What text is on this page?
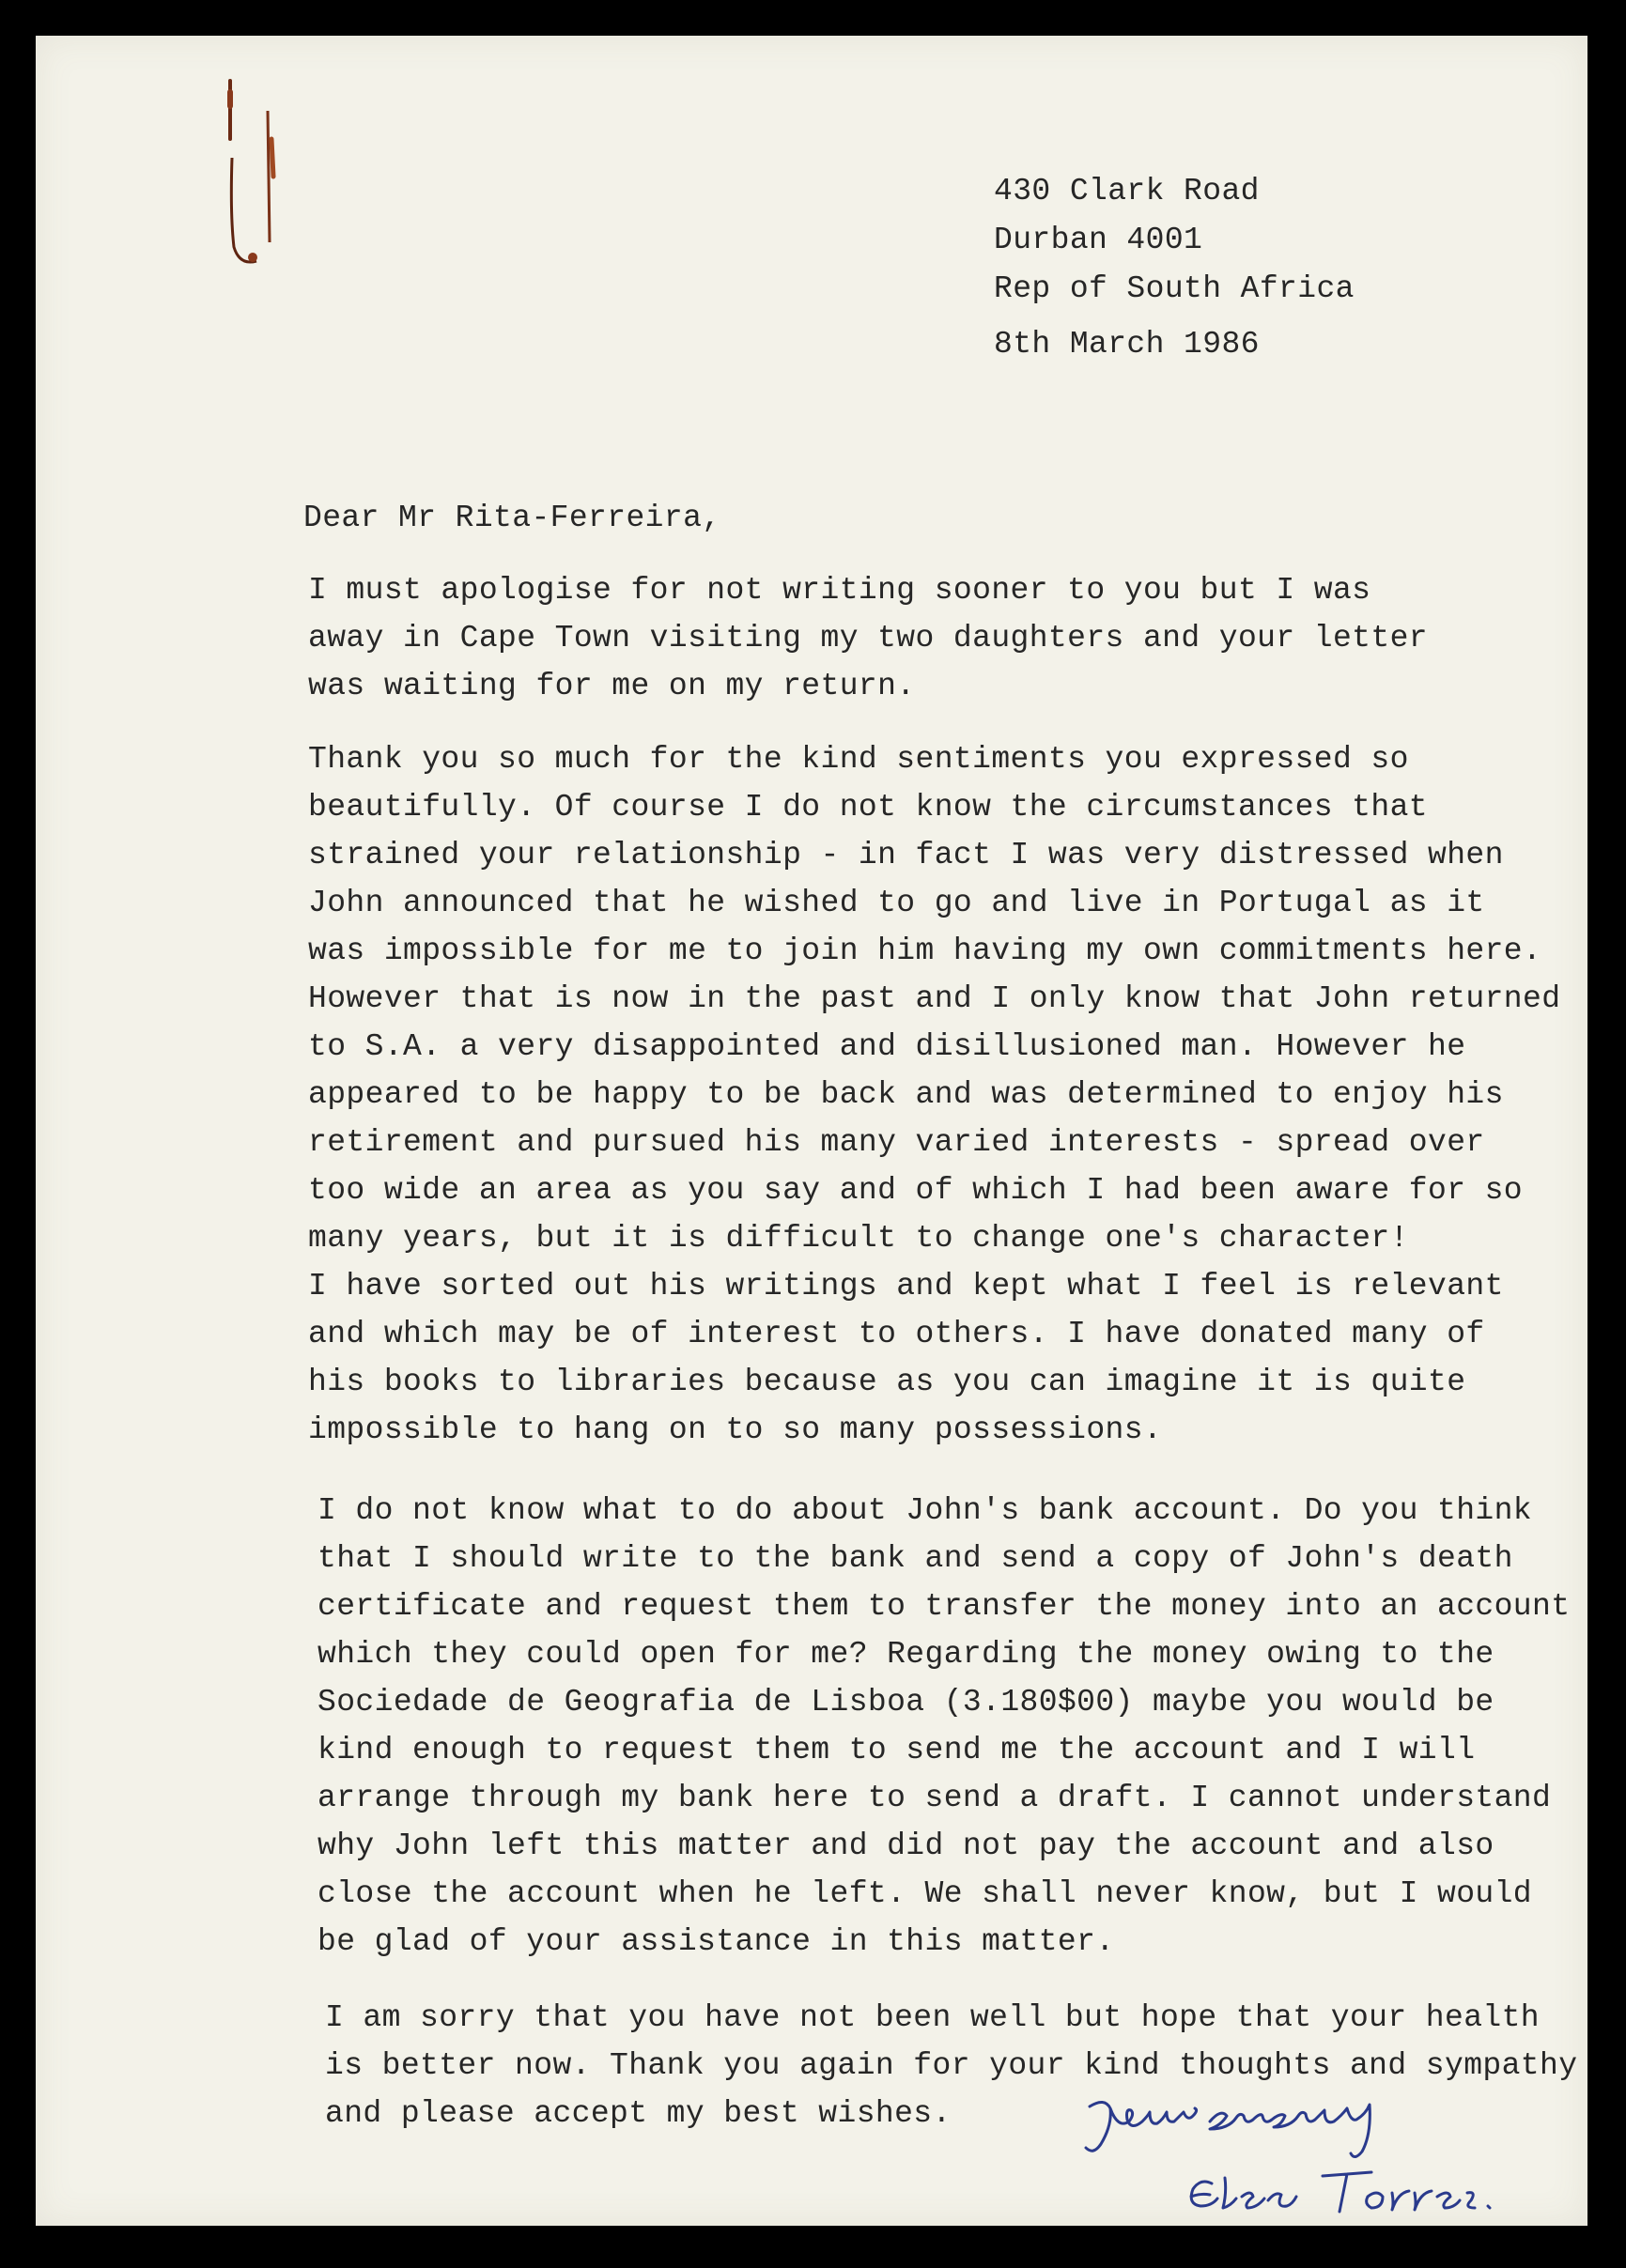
430 Clark Road
Durban 4001
Rep of South Africa
8th March 1986
Dear Mr Rita-Ferreira,
I must apologise for not writing sooner to you but I was
away in Cape Town visiting my two daughters and your letter
was waiting for me on my return.
Thank you so much for the kind sentiments you expressed so
beautifully. Of course I do not know the circumstances that
strained your relationship - in fact I was very distressed when
John announced that he wished to go and live in Portugal as it
was impossible for me to join him having my own commitments here.
However that is now in the past and I only know that John returned
to S.A. a very disappointed and disillusioned man. However he
appeared to be happy to be back and was determined to enjoy his
retirement and pursued his many varied interests - spread over
too wide an area as you say and of which I had been aware for so
many years, but it is difficult to change one's character!
I have sorted out his writings and kept what I feel is relevant
and which may be of interest to others. I have donated many of
his books to libraries because as you can imagine it is quite
impossible to hang on to so many possessions.
I do not know what to do about John's bank account. Do you think
that I should write to the bank and send a copy of John's death
certificate and request them to transfer the money into an account
which they could open for me? Regarding the money owing to the
Sociedade de Geografia de Lisboa (3.180$00) maybe you would be
kind enough to request them to send me the account and I will
arrange through my bank here to send a draft. I cannot understand
why John left this matter and did not pay the account and also
close the account when he left. We shall never know, but I would
be glad of your assistance in this matter.
I am sorry that you have not been well but hope that your health
is better now. Thank you again for your kind thoughts and sympathy
and please accept my best wishes.
